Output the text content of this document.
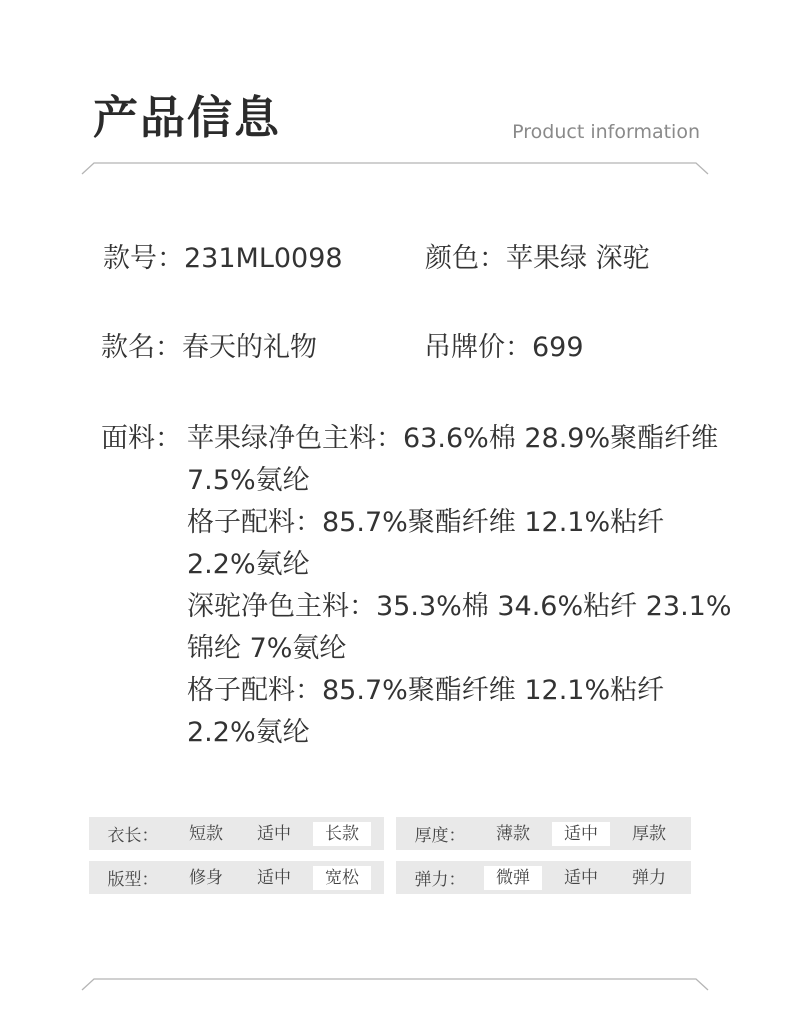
产品信息	Product information
款号：231ML0098	颜色：苹果绿 深驼
款名：春天的礼物	吊牌价：699
面料： 苹果绿净色主料：63.6%棉 28.9%聚酯纤维
7.5%氨纶
格子配料：85.7%聚酯纤维 12.1%粘纤
2.2%氨纶
深驼净色主料：35.3%棉 34.6%粘纤 23.1%
锦纶 7%氨纶
格子配料：85.7%聚酯纤维 12.1%粘纤
2.2%氨纶
衣长：	短款	适中	长款	厚度：	薄款	适中	厚款
版型：	修身	适中	宽松	弹力：	微弹	适中	弹力
